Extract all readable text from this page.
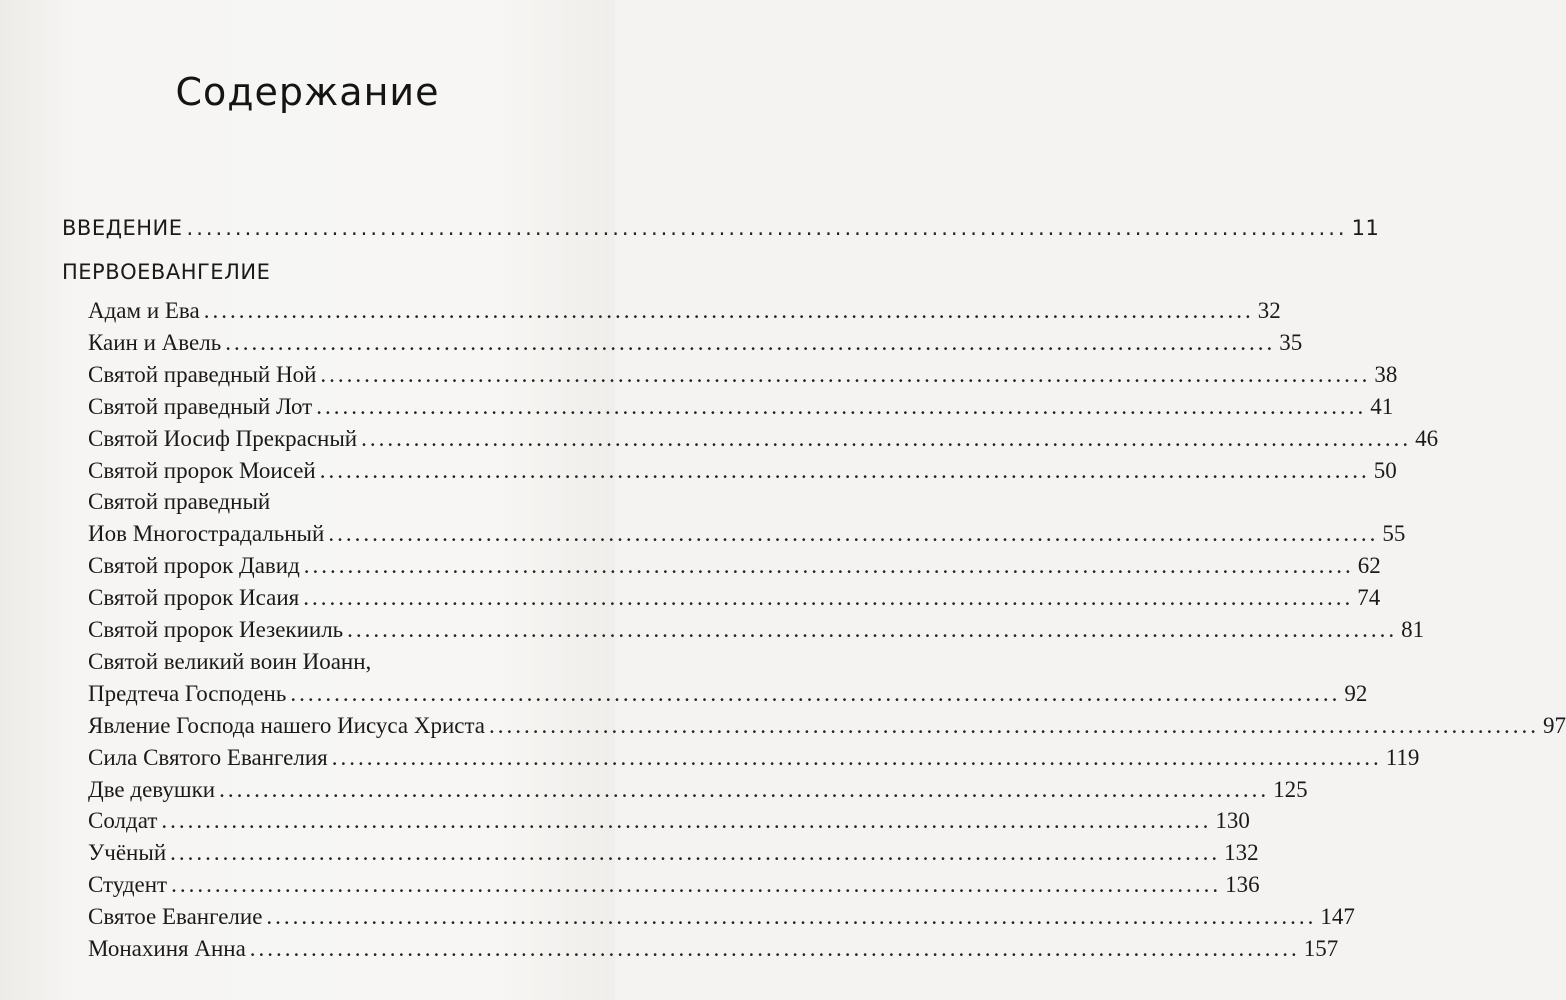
Содержание
ВВЕДЕНИЕ ........................................................................................................................ 11
ПЕРВОЕВАНГЕЛИЕ
Адам и Ева ........................................................................................................................ 32
Каин и Авель ........................................................................................................................ 35
Святой праведный Ной ........................................................................................................................ 38
Святой праведный Лот ........................................................................................................................ 41
Святой Иосиф Прекрасный ........................................................................................................................ 46
Святой пророк Моисей ........................................................................................................................ 50
Святой праведный
Иов Многострадальный ........................................................................................................................ 55
Святой пророк Давид ........................................................................................................................ 62
Святой пророк Исаия ........................................................................................................................ 74
Святой пророк Иезекииль ........................................................................................................................ 81
Святой великий воин Иоанн,
Предтеча Господень ........................................................................................................................ 92
Явление Господа нашего Иисуса Христа ........................................................................................................................ 97
Сила Святого Евангелия ........................................................................................................................ 119
Две девушки ........................................................................................................................ 125
Солдат ........................................................................................................................ 130
Учёный ........................................................................................................................ 132
Студент ........................................................................................................................ 136
Святое Евангелие ........................................................................................................................ 147
Монахиня Анна ........................................................................................................................ 157
